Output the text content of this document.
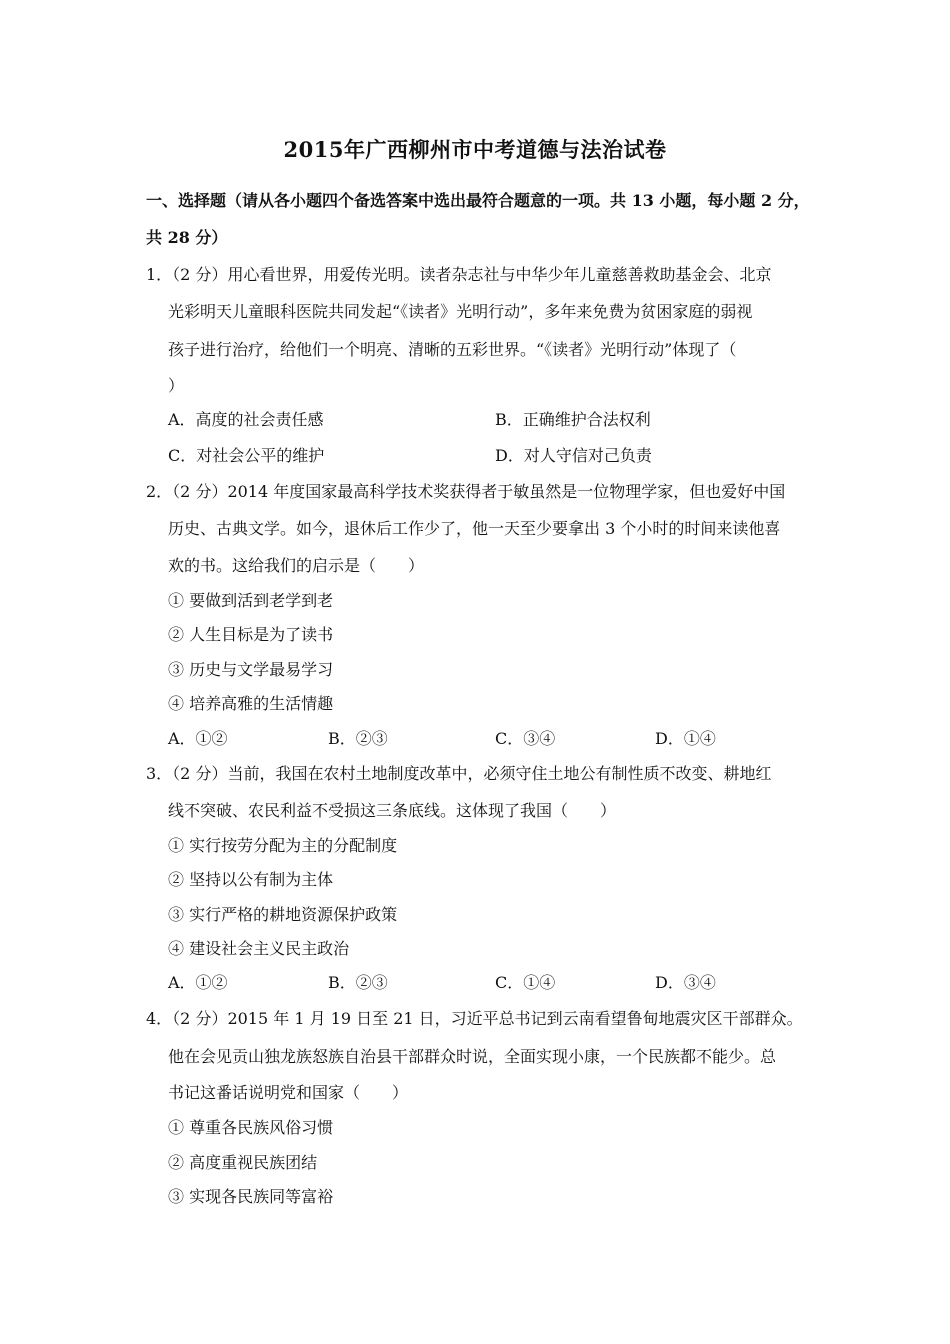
2015年广西柳州市中考道德与法治试卷
一、选择题（请从各小题四个备选答案中选出最符合题意的一项。共 13 小题，每小题 2 分，
共 28 分）
1．（2 分）用心看世界，用爱传光明。读者杂志社与中华少年儿童慈善救助基金会、北京
光彩明天儿童眼科医院共同发起“《读者》光明行动”，多年来免费为贫困家庭的弱视
孩子进行治疗，给他们一个明亮、清晰的五彩世界。“《读者》光明行动”体现了（
）
A．高度的社会责任感	B．正确维护合法权利
C．对社会公平的维护	D．对人守信对己负责
2．（2 分）2014 年度国家最高科学技术奖获得者于敏虽然是一位物理学家，但也爱好中国
历史、古典文学。如今，退休后工作少了，他一天至少要拿出 3 个小时的时间来读他喜
欢的书。这给我们的启示是（　　）
① 要做到活到老学到老
② 人生目标是为了读书
③ 历史与文学最易学习
④ 培养高雅的生活情趣
A．①②	B．②③	C．③④	D．①④
3．（2 分）当前，我国在农村土地制度改革中，必须守住土地公有制性质不改变、耕地红
线不突破、农民利益不受损这三条底线。这体现了我国（　　）
① 实行按劳分配为主的分配制度
② 坚持以公有制为主体
③ 实行严格的耕地资源保护政策
④ 建设社会主义民主政治
A．①②	B．②③	C．①④	D．③④
4．（2 分）2015 年 1 月 19 日至 21 日，习近平总书记到云南看望鲁甸地震灾区干部群众。
他在会见贡山独龙族怒族自治县干部群众时说，全面实现小康，一个民族都不能少。总
书记这番话说明党和国家（　　）
① 尊重各民族风俗习惯
② 高度重视民族团结
③ 实现各民族同等富裕
